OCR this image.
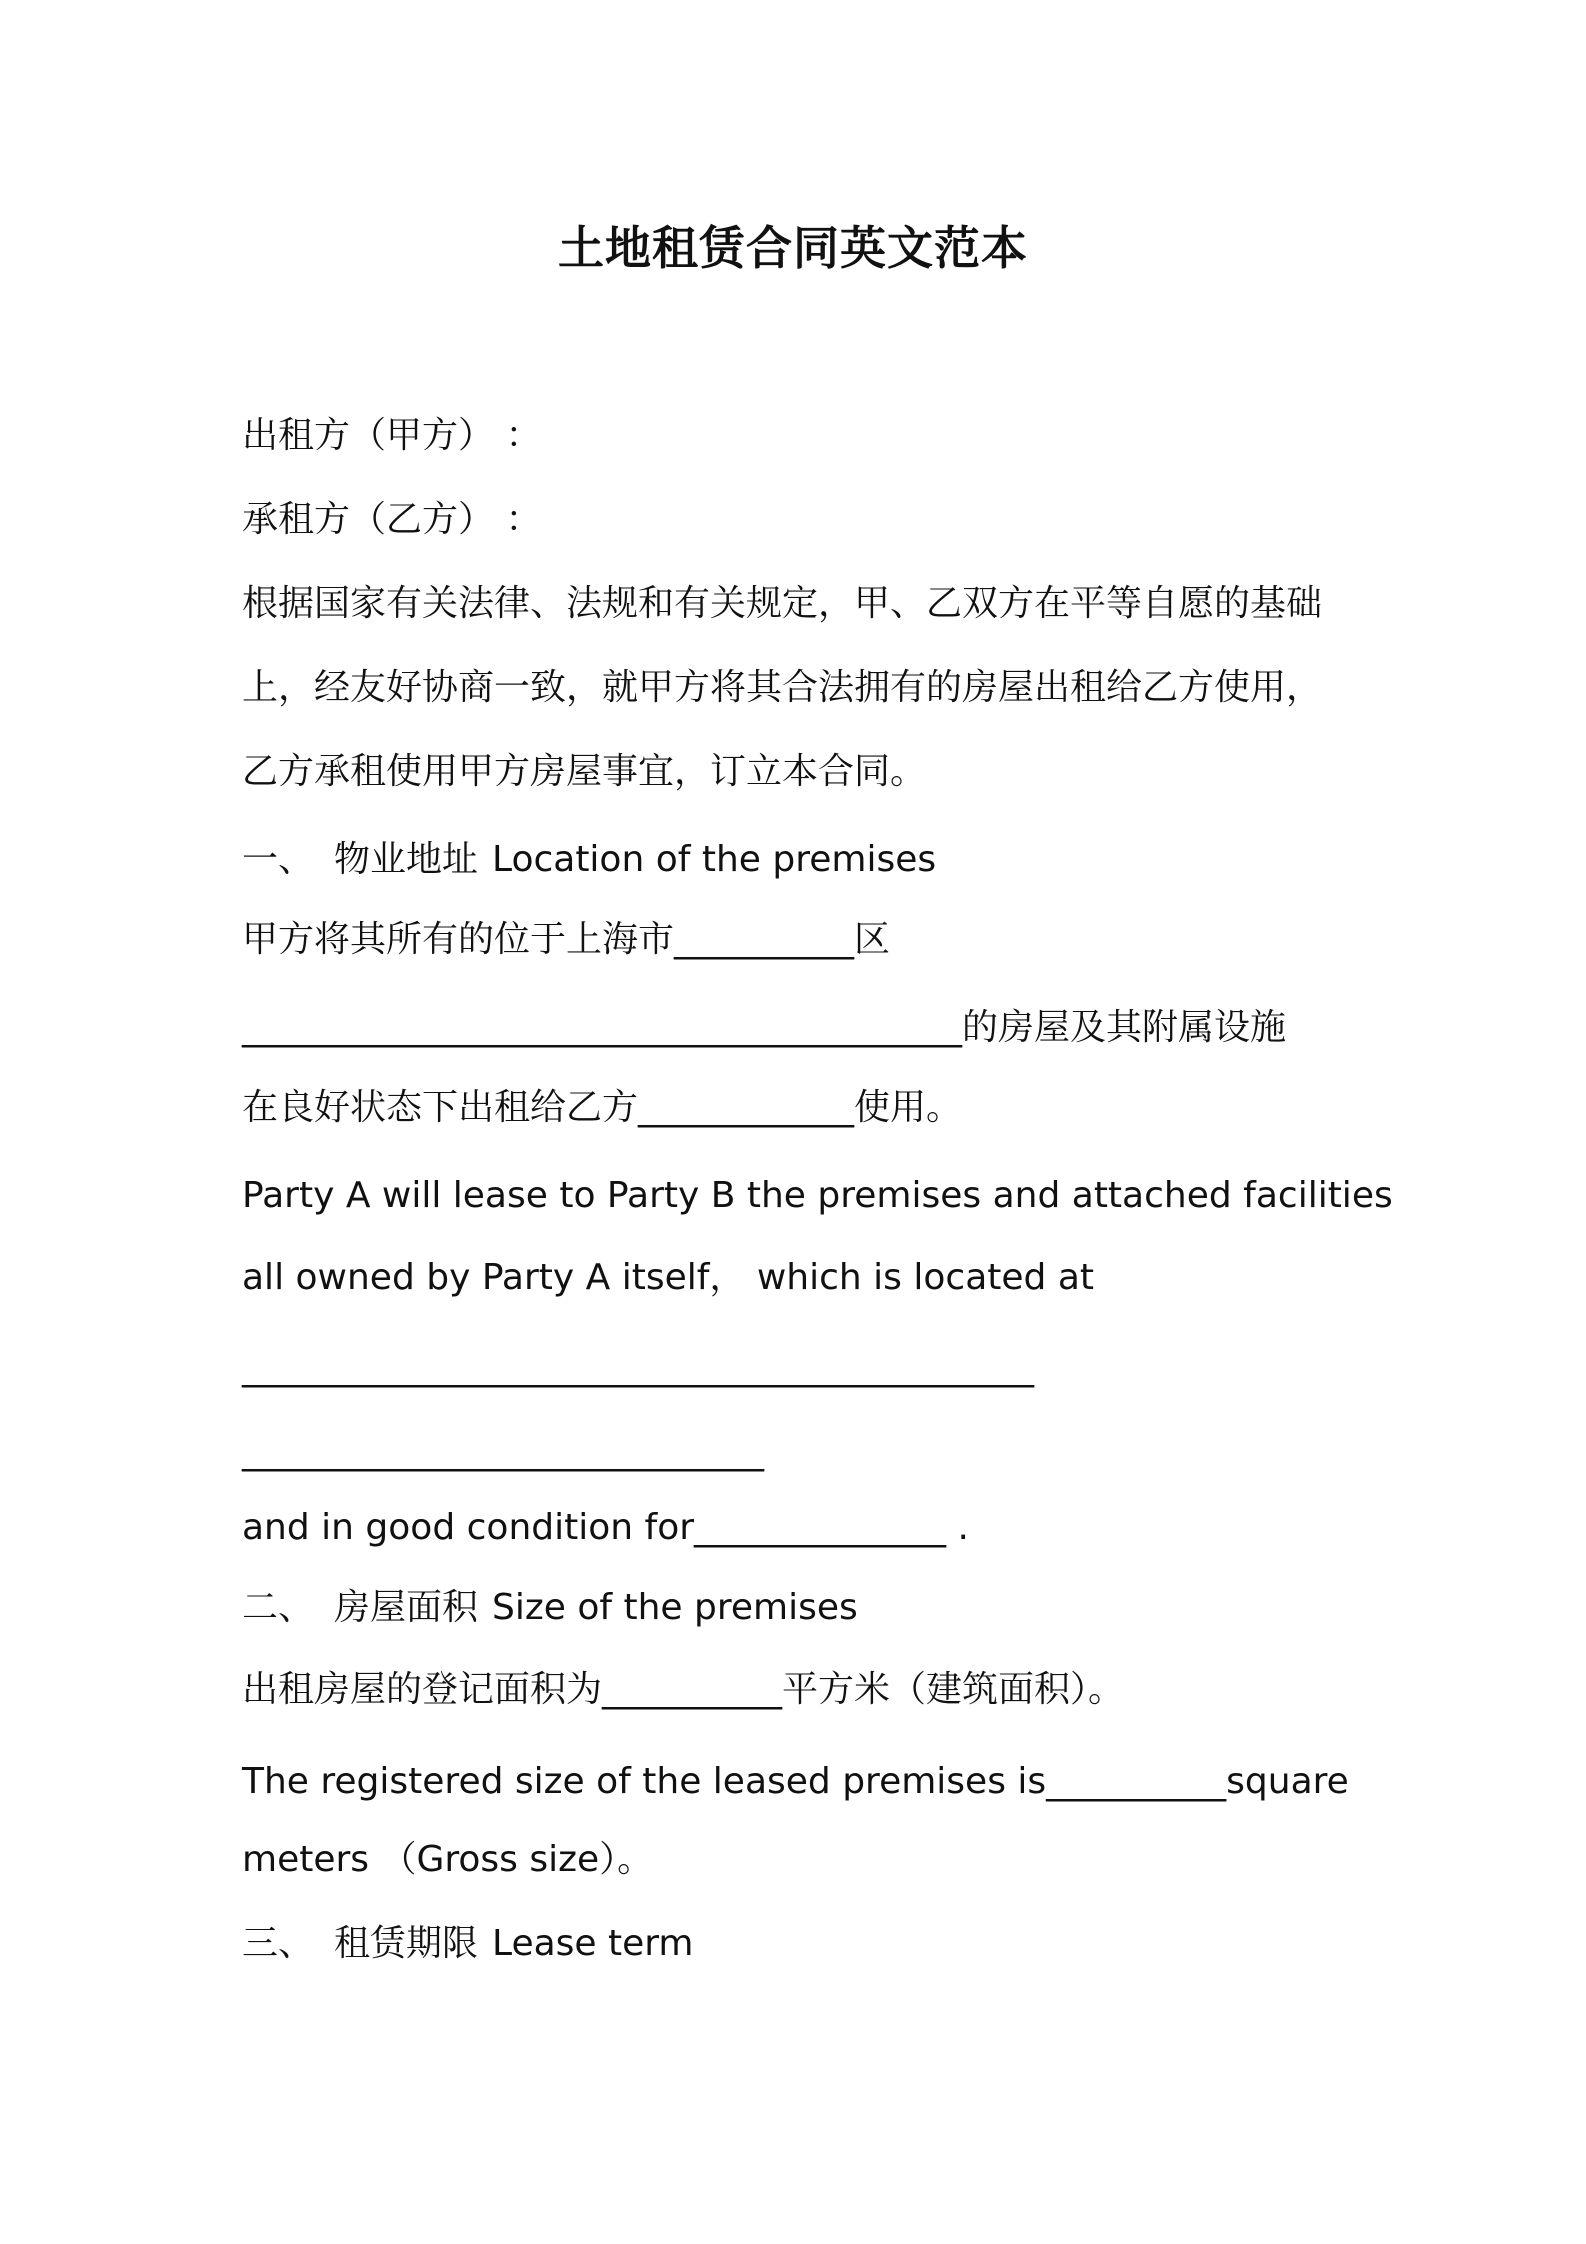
土地租赁合同英文范本
出租方（甲方） ：
承租方（乙方） ：
根据国家有关法律、法规和有关规定，甲、乙双方在平等自愿的基础
上，经友好协商一致，就甲方将其合法拥有的房屋出租给乙方使用，
乙方承租使用甲方房屋事宜，订立本合同。
一、 物业地址 Location of the premises
甲方将其所有的位于上海市__________区
________________________________________的房屋及其附属设施
在良好状态下出租给乙方____________使用。
Party A will lease to Party B the premises and attached facilities
all owned by Party A itself， which is located at
____________________________________________
_____________________________
and in good condition for______________ .
二、 房屋面积 Size of the premises
出租房屋的登记面积为__________平方米（建筑面积）。
The registered size of the leased premises is__________square
meters （Gross size）。
三、 租赁期限 Lease term
